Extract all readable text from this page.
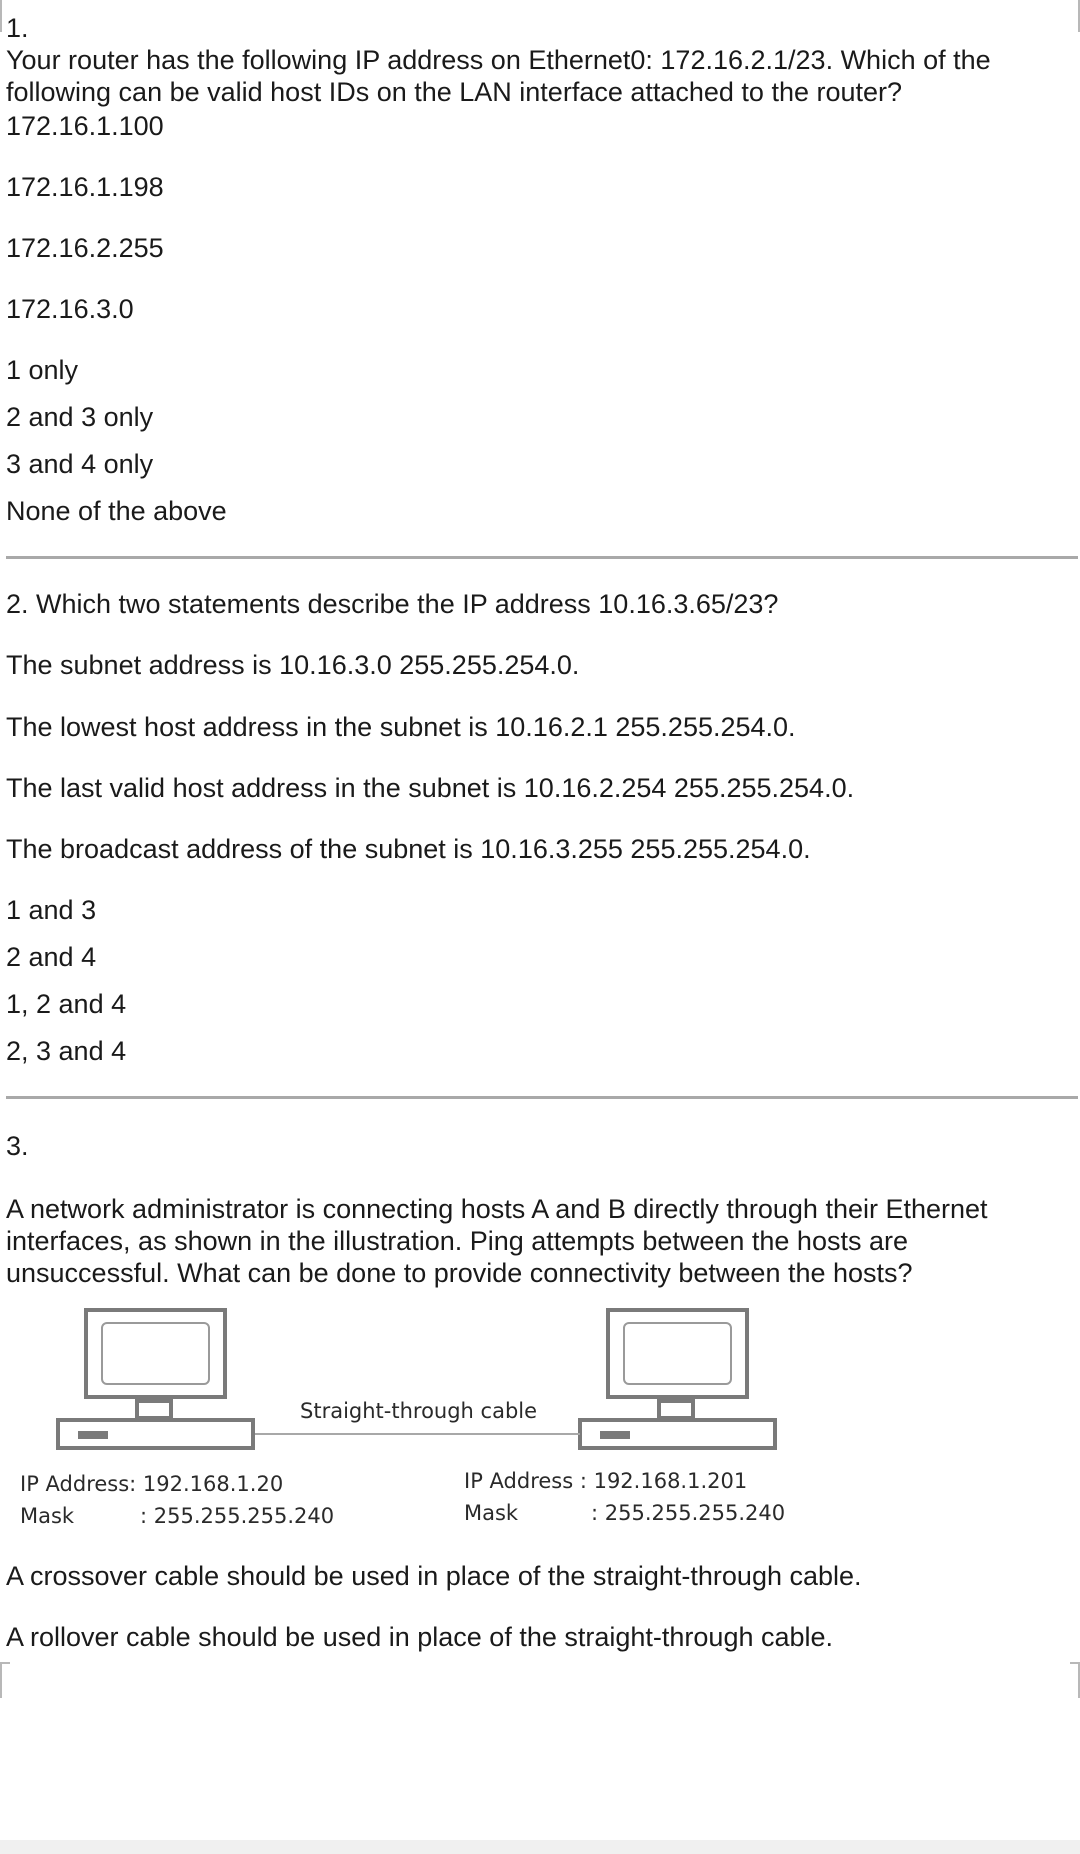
1.
Your router has the following IP address on Ethernet0: 172.16.2.1/23. Which of the following can be valid host IDs on the LAN interface attached to the router?
172.16.1.100
172.16.1.198
172.16.2.255
172.16.3.0
1 only
2 and 3 only
3 and 4 only
None of the above
2. Which two statements describe the IP address 10.16.3.65/23?
The subnet address is 10.16.3.0 255.255.254.0.
The lowest host address in the subnet is 10.16.2.1 255.255.254.0.
The last valid host address in the subnet is 10.16.2.254 255.255.254.0.
The broadcast address of the subnet is 10.16.3.255 255.255.254.0.
1 and 3
2 and 4
1, 2 and 4
2, 3 and 4
3.
A network administrator is connecting hosts A and B directly through their Ethernet interfaces, as shown in the illustration. Ping attempts between the hosts are unsuccessful. What can be done to provide connectivity between the hosts?
Straight-through cable
IP Address: 192.168.1.20
Mask	: 255.255.255.240
IP Address : 192.168.1.201
Mask	: 255.255.255.240
A crossover cable should be used in place of the straight-through cable.
A rollover cable should be used in place of the straight-through cable.
